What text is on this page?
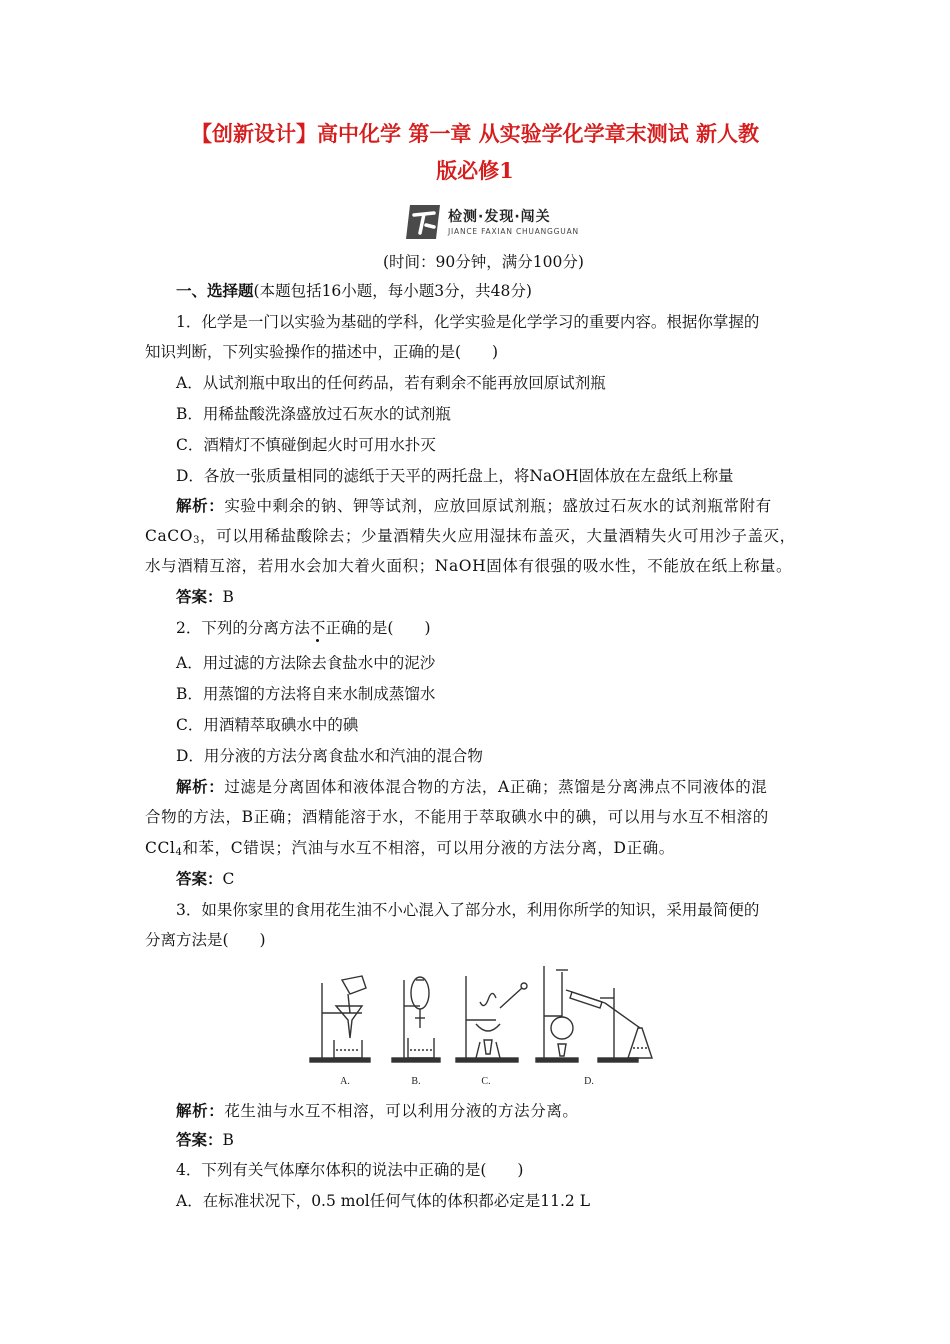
【创新设计】高中化学 第一章 从实验学化学章末测试 新人教
版必修1
检测·发现·闯关
JIANCE FAXIAN CHUANGGUAN
(时间：90分钟，满分100分)
一、选择题(本题包括16小题，每小题3分，共48分)
1．化学是一门以实验为基础的学科，化学实验是化学学习的重要内容。根据你掌握的
知识判断，下列实验操作的描述中，正确的是(　　)
A．从试剂瓶中取出的任何药品，若有剩余不能再放回原试剂瓶
B．用稀盐酸洗涤盛放过石灰水的试剂瓶
C．酒精灯不慎碰倒起火时可用水扑灭
D．各放一张质量相同的滤纸于天平的两托盘上，将NaOH固体放在左盘纸上称量
解析：实验中剩余的钠、钾等试剂，应放回原试剂瓶；盛放过石灰水的试剂瓶常附有
CaCO$_3$，可以用稀盐酸除去；少量酒精失火应用湿抹布盖灭，大量酒精失火可用沙子盖灭，
水与酒精互溶，若用水会加大着火面积；NaOH固体有很强的吸水性，不能放在纸上称量。
答案：B
2．下列的分离方法不
正确的是(　　)
A．用过滤的方法除去食盐水中的泥沙
B．用蒸馏的方法将自来水制成蒸馏水
C．用酒精萃取碘水中的碘
D．用分液的方法分离食盐水和汽油的混合物
解析：过滤是分离固体和液体混合物的方法，A正确；蒸馏是分离沸点不同液体的混
合物的方法，B正确；酒精能溶于水，不能用于萃取碘水中的碘，可以用与水互不相溶的
CCl$_4$和苯，C错误；汽油与水互不相溶，可以用分液的方法分离，D正确。
答案：C
3．如果你家里的食用花生油不小心混入了部分水，利用你所学的知识，采用最简便的
分离方法是(　　)
A.	B.	C.	D.
解析：花生油与水互不相溶，可以利用分液的方法分离。
答案：B
4．下列有关气体摩尔体积的说法中正确的是(　　)
A．在标准状况下，0.5 mol任何气体的体积都必定是11.2 L
